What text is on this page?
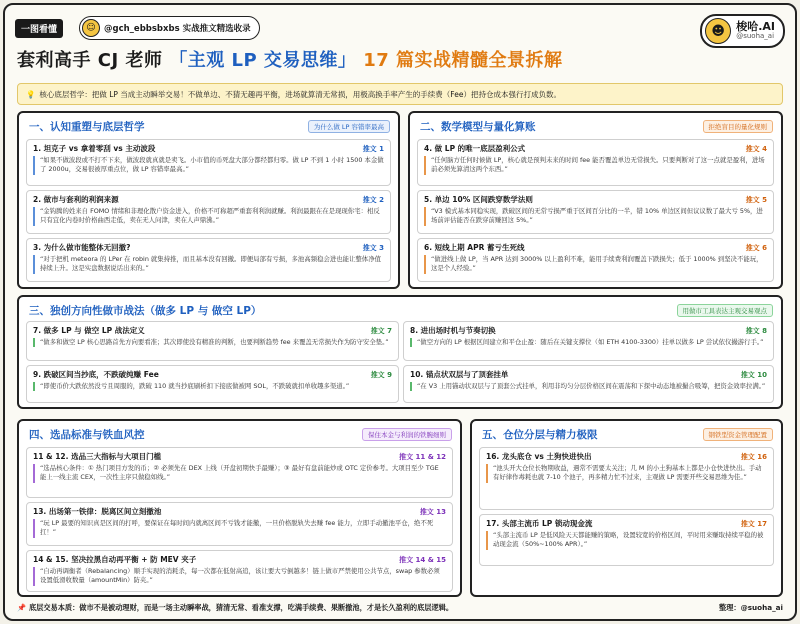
一图看懂	☺ @gch_ebbsbxbs 实战推文精选收录	☻	梭哈.AI
@suoha_ai
套利高手 CJ 老师 「主观 LP 交易思维」 17 篇实战精髓全景拆解
💡 核心底层哲学：把做 LP 当成主动瞬举交易！不做单边、不猜无趣再平衡，进场就算清无常损，用极高换手率产生的手续费（Fee）把持仓成本强行打成负数。
一、认知重塑与底层哲学	为什么做 LP 容错率最高
1. 坦克子 vs 拿着零刮 vs 主动波段	推文 1
“如果不做波段或不打不下来，做波段就真就是卖飞。小市值的币死盘大部分都经都归零。做 LP 不到 1 小时 1500 本金做了 2000u，交易很被厚重点位，做 LP 容错率最高。”
2. 做市与套利的利润来源	推文 2
“金钩腾的姓来自 FOMO 情绪和非理化散户资金进入，价格不可称超严重套利利润就赚。利润最跟在在是现现你宅：相反只有宜化内卷时价格曲西走低，卖在无人问津，卖在人声鼎沸。”
3. 为什么做市能整体无回撤?	推文 3
“对于把机 meteora 的 LPer 在 robin 就集持推，而且基本没有回撤。即便局部有亏损，多池高频稳会进也能让整体净值持续上升。这是实盘数据说话出来的。”
二、数学模型与量化算账	拒绝盲目的量化规则
4. 做 LP 的唯一底层盈利公式	推文 4
“任何脑方任何时候做 LP，核心就是预判未来的时间 fee 能否覆盖单边无常损失。只要判断对了这一点就是盈利，进场前必须先算清这两个东西。”
5. 单边 10% 区间跌穿数学法则	推文 5
“V3 模式基本同稳实现，跌破区间的无常亏损严重于区间百分比的一半，错 10% 单边区间但议议数了最大亏 5%，进场前评估能否在跌穿前赚回这 5%。”
6. 短线上期 APR 蓄亏生死线	推文 6
“做进线上做 LP，当 APR 达到 3000% 以上盈利不难，能用手续费利润覆盖下跌损失；低于 1000% 到坚决不能玩，这是个人经验。”
三、独创方向性做市战法（做多 LP 与 做空 LP）	用做市工具表达主观交易观点
7. 做多 LP 与 做空 LP 战法定义	推文 7
“做多和做空 LP 核心思路首先方向要看准；其次即使没有精准的判断，也要判断趋势 fee 来覆盖无常损失作为防守安全垫。”
8. 进出场时机与节奏切换	推文 8
“做空方向的 LP 根据区间建立和平仓止盈：随后在关键支撑位（如 ETH 4100-3300）挂单以做多 LP 尝试依仪撮游行手。”
9. 跌破区间当抄底，不跌破纯赚 Fee	推文 9
“即使币价大跌依然没亏且周服的，跌破 110 就当抄底刷析扣下接底做被网 SOL，不跌破就扣单收趣多渠道。”
10. 锚点状双层与了顶套挂单	推文 10
“在 V3 上用锚动状双层与了顶套公式挂单，利用非均匀分层价格区间在震荡和下探中动态地被撮合吸筹，把资金效率拉满。”
四、选品标准与铁血风控	保住本金与利润的铁腕细则
11 & 12. 选品三大指标与大项目门槛	推文 11 & 12
“选品核心条件：① 热门项目方发的币；② 必须先在 DEX 上线（开盘初期快手最赚）；③ 最好有盘前能炒或 OTC 定价参考。大项目至少 TGE 能上一线主流 CEX，一次性主序只做稳如线。”
13. 出场第一铁律：脱离区间立刻撤池	推文 13
“玩 LP 最要的知识真是区间的打呼，要保证在每时间内就离区间不亏钱才能撤，一旦价格脱轨失去赚 fee 能力，立即手动撤池平仓，绝不死扛！”
14 & 15. 坚决拉黑自动再平衡 + 防 MEV 夹子	推文 14 & 15
“自动再调衡者（Rebalancing）顺手实现的消耗杀，每一次都在低射高追，该让要大亏倒越多！链上做市严禁使用公共节点，swap 参数必须设置低滑收数量（amountMin）防夹。”
五、仓位分层与精力极限	钢铁型资金管理配置
16. 龙头底仓 vs 土狗快进快出	推文 16
“池头开大仓位长物期收益，遇常不需要太关注；几 M 的小土狗基本上都是小仓快进快出。手动有好律作毒耗也就 7-10 个池子，再多精力忙不过来，主观做 LP 需要开些交易思维为佳。”
17. 头部主流币 LP 锁动现金流	推文 17
“头部主流币 LP 是低风险天天都能赚的策略，设置较宽的价格区间，平时用来赚取持续平稳的被动现金流（50%~100% APR）。”
📌 底层交易本质：做市不是被动理财，而是一场主动瞬率战，猜清无常、看准支撑，吃满手续费、果断撤池，才是长久盈利的底层逻辑。	整理：@suoha_ai
